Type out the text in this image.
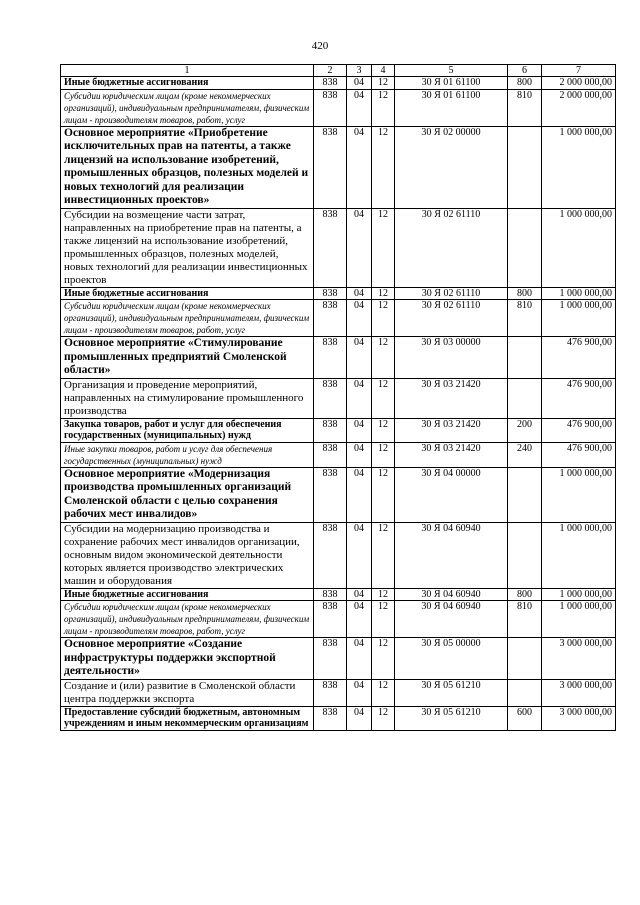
420
1	2	3	4	5	6	7
Иные бюджетные ассигнования	838	04	12	30 Я 01 61100	800	2 000 000,00
Субсидии юридическим лицам (кроме некоммерческих организаций), индивидуальным предпринимателям, физическим лицам - производителям товаров, работ, услуг	838	04	12	30 Я 01 61100	810	2 000 000,00
Основное мероприятие «Приобретение исключительных прав на патенты, а также лицензий на использование изобретений, промышленных образцов, полезных моделей и новых технологий для реализации инвестиционных проектов»	838	04	12	30 Я 02 00000		1 000 000,00
Субсидии на возмещение части затрат, направленных на приобретение прав на патенты, а также лицензий на использование изобретений, промышленных образцов, полезных моделей, новых технологий для реализации инвестиционных проектов	838	04	12	30 Я 02 61110		1 000 000,00
Иные бюджетные ассигнования	838	04	12	30 Я 02 61110	800	1 000 000,00
Субсидии юридическим лицам (кроме некоммерческих организаций), индивидуальным предпринимателям, физическим лицам - производителям товаров, работ, услуг	838	04	12	30 Я 02 61110	810	1 000 000,00
Основное мероприятие «Стимулирование промышленных предприятий Смоленской области»	838	04	12	30 Я 03 00000		476 900,00
Организация и проведение мероприятий, направленных на стимулирование промышленного производства	838	04	12	30 Я 03 21420		476 900,00
Закупка товаров, работ и услуг для обеспечения государственных (муниципальных) нужд	838	04	12	30 Я 03 21420	200	476 900,00
Иные закупки товаров, работ и услуг для обеспечения государственных (муниципальных) нужд	838	04	12	30 Я 03 21420	240	476 900,00
Основное мероприятие «Модернизация производства промышленных организаций Смоленской области с целью сохранения рабочих мест инвалидов»	838	04	12	30 Я 04 00000		1 000 000,00
Субсидии на модернизацию производства и сохранение рабочих мест инвалидов организации, основным видом экономической деятельности которых является производство электрических машин и оборудования	838	04	12	30 Я 04 60940		1 000 000,00
Иные бюджетные ассигнования	838	04	12	30 Я 04 60940	800	1 000 000,00
Субсидии юридическим лицам (кроме некоммерческих организаций), индивидуальным предпринимателям, физическим лицам - производителям товаров, работ, услуг	838	04	12	30 Я 04 60940	810	1 000 000,00
Основное мероприятие «Создание инфраструктуры поддержки экспортной деятельности»	838	04	12	30 Я 05 00000		3 000 000,00
Создание и (или) развитие в Смоленской области центра поддержки экспорта	838	04	12	30 Я 05 61210		3 000 000,00
Предоставление субсидий бюджетным, автономным учреждениям и иным некоммерческим организациям	838	04	12	30 Я 05 61210	600	3 000 000,00
